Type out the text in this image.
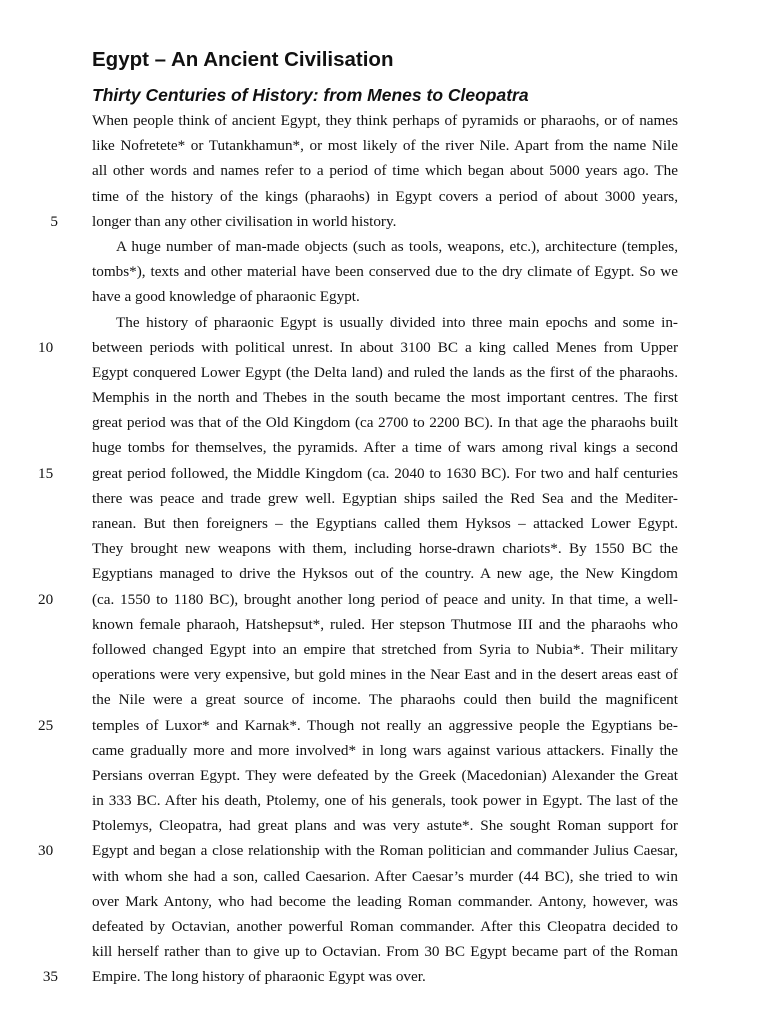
Egypt – An Ancient Civilisation
Thirty Centuries of History: from Menes to Cleopatra
When people think of ancient Egypt, they think perhaps of pyramids or pharaohs, or of names
like Nofretete* or Tutankhamun*, or most likely of the river Nile. Apart from the name Nile
all other words and names refer to a period of time which began about 5000 years ago. The
time of the history of the kings (pharaohs) in Egypt covers a period of about 3000 years,
5 longer than any other civilisation in world history.
A huge number of man-made objects (such as tools, weapons, etc.), architecture (temples,
tombs*), texts and other material have been conserved due to the dry climate of Egypt. So we
have a good knowledge of pharaonic Egypt.
The history of pharaonic Egypt is usually divided into three main epochs and some in-
10	between periods with political unrest. In about 3100 BC a king called Menes from Upper
Egypt conquered Lower Egypt (the Delta land) and ruled the lands as the first of the pharaohs.
Memphis in the north and Thebes in the south became the most important centres. The first
great period was that of the Old Kingdom (ca 2700 to 2200 BC). In that age the pharaohs built
huge tombs for themselves, the pyramids. After a time of wars among rival kings a second
15	great period followed, the Middle Kingdom (ca. 2040 to 1630 BC). For two and half centuries
there was peace and trade grew well. Egyptian ships sailed the Red Sea and the Mediter-
ranean. But then foreigners – the Egyptians called them Hyksos – attacked Lower Egypt.
They brought new weapons with them, including horse-drawn chariots*. By 1550 BC the
Egyptians managed to drive the Hyksos out of the country. A new age, the New Kingdom
20	(ca. 1550 to 1180 BC), brought another long period of peace and unity. In that time, a well-
known female pharaoh, Hatshepsut*, ruled. Her stepson Thutmose III and the pharaohs who
followed changed Egypt into an empire that stretched from Syria to Nubia*. Their military
operations were very expensive, but gold mines in the Near East and in the desert areas east of
the Nile were a great source of income. The pharaohs could then build the magnificent
25	temples of Luxor* and Karnak*. Though not really an aggressive people the Egyptians be-
came gradually more and more involved* in long wars against various attackers. Finally the
Persians overran Egypt. They were defeated by the Greek (Macedonian) Alexander the Great
in 333 BC. After his death, Ptolemy, one of his generals, took power in Egypt. The last of the
Ptolemys, Cleopatra, had great plans and was very astute*. She sought Roman support for
30	Egypt and began a close relationship with the Roman politician and commander Julius Caesar,
with whom she had a son, called Caesarion. After Caesar’s murder (44 BC), she tried to win
over Mark Antony, who had become the leading Roman commander. Antony, however, was
defeated by Octavian, another powerful Roman commander. After this Cleopatra decided to
kill herself rather than to give up to Octavian. From 30 BC Egypt became part of the Roman
35 Empire. The long history of pharaonic Egypt was over.
